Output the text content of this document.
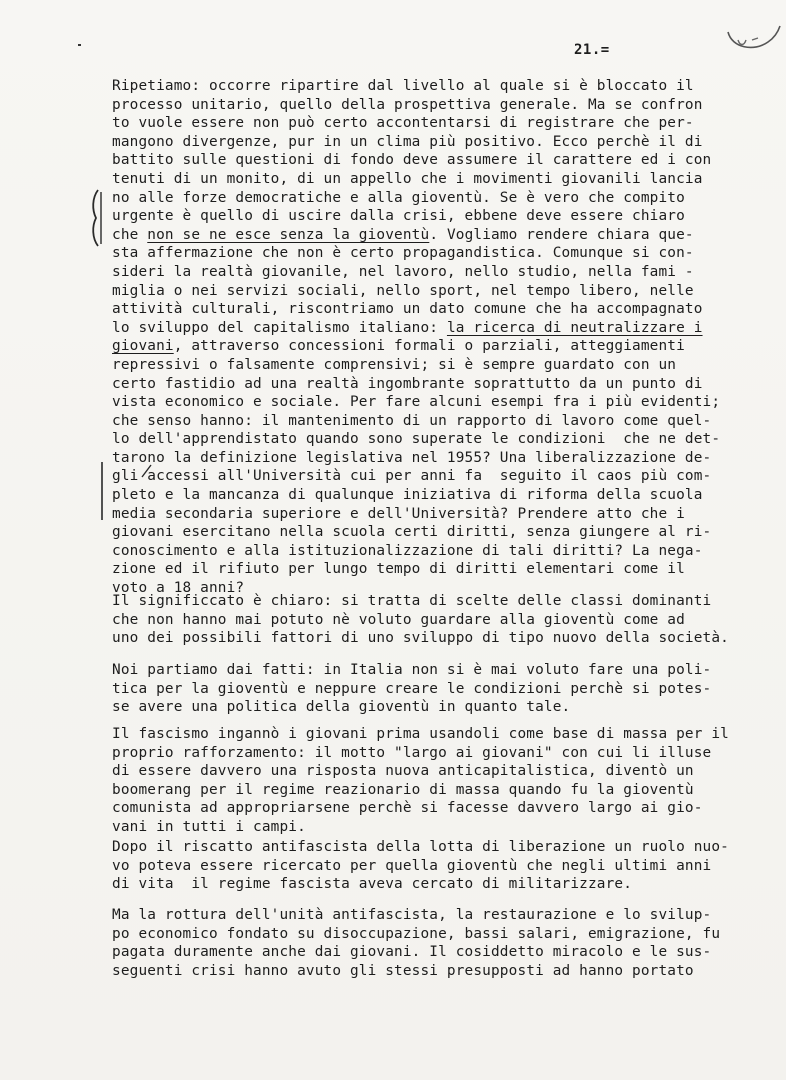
21.=
Ripetiamo: occorre ripartire dal livello al quale si è bloccato il
processo unitario, quello della prospettiva generale. Ma se confron
to vuole essere non può certo accontentarsi di registrare che per-
mangono divergenze, pur in un clima più positivo. Ecco perchè il di
battito sulle questioni di fondo deve assumere il carattere ed i con
tenuti di un monito, di un appello che i movimenti giovanili lancia
no alle forze democratiche e alla gioventù. Se è vero che compito
urgente è quello di uscire dalla crisi, ebbene deve essere chiaro
che non se ne esce senza la gioventù. Vogliamo rendere chiara que-
sta affermazione che non è certo propagandistica. Comunque si con-
sideri la realtà giovanile, nel lavoro, nello studio, nella fami -
miglia o nei servizi sociali, nello sport, nel tempo libero, nelle
attività culturali, riscontriamo un dato comune che ha accompagnato
lo sviluppo del capitalismo italiano: la ricerca di neutralizzare i
giovani, attraverso concessioni formali o parziali, atteggiamenti
repressivi o falsamente comprensivi; si è sempre guardato con un
certo fastidio ad una realtà ingombrante soprattutto da un punto di
vista economico e sociale. Per fare alcuni esempi fra i più evidenti;
che senso hanno: il mantenimento di un rapporto di lavoro come quel-
lo dell'apprendistato quando sono superate le condizioni  che ne det-
tarono la definizione legislativa nel 1955? Una liberalizzazione de-
gli accessi all'Università cui per anni fa  seguito il caos più com-
pleto e la mancanza di qualunque iniziativa di riforma della scuola
media secondaria superiore e dell'Università? Prendere atto che i
giovani esercitano nella scuola certi diritti, senza giungere al ri-
conoscimento e alla istituzionalizzazione di tali diritti? La nega-
zione ed il rifiuto per lungo tempo di diritti elementari come il
voto a 18 anni?
Il significcato è chiaro: si tratta di scelte delle classi dominanti
che non hanno mai potuto nè voluto guardare alla gioventù come ad
uno dei possibili fattori di uno sviluppo di tipo nuovo della società.
Noi partiamo dai fatti: in Italia non si è mai voluto fare una poli-
tica per la gioventù e neppure creare le condizioni perchè si potes-
se avere una politica della gioventù in quanto tale.
Il fascismo ingannò i giovani prima usandoli come base di massa per il
proprio rafforzamento: il motto "largo ai giovani" con cui li illuse
di essere davvero una risposta nuova anticapitalistica, diventò un
boomerang per il regime reazionario di massa quando fu la gioventù
comunista ad appropriarsene perchè si facesse davvero largo ai gio-
vani in tutti i campi.
Dopo il riscatto antifascista della lotta di liberazione un ruolo nuo-
vo poteva essere ricercato per quella gioventù che negli ultimi anni
di vita  il regime fascista aveva cercato di militarizzare.
Ma la rottura dell'unità antifascista, la restaurazione e lo svilup-
po economico fondato su disoccupazione, bassi salari, emigrazione, fu
pagata duramente anche dai giovani. Il cosiddetto miracolo e le sus-
seguenti crisi hanno avuto gli stessi presupposti ad hanno portato
